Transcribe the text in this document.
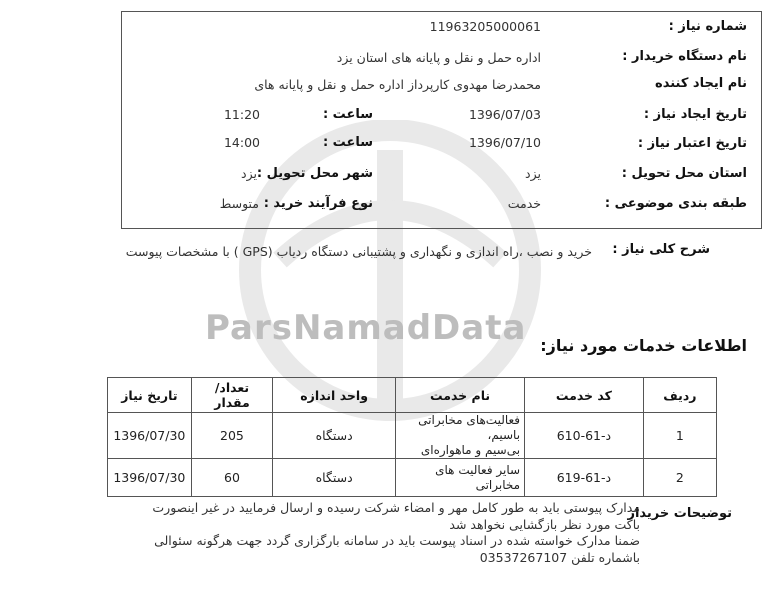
ParsNamadData
شماره نیاز :
11963205000061
نام دستگاه خریدار :
اداره حمل و نقل و پایانه های استان یزد
نام ایجاد کننده
محمدرضا مهدوی کارپرداز اداره حمل و نقل و پایانه های
تاریخ ایجاد نیاز :
1396/07/03
ساعت :
11:20
تاریخ اعتبار نیاز :
1396/07/10
ساعت :
14:00
استان محل تحویل :
یزد
شهر محل تحویل :
یزد
طبقه بندی موضوعی :
خدمت
نوع فرآیند خرید :
متوسط
شرح کلی نیاز :
خرید و نصب ،راه اندازی و نگهداری و پشتیبانی دستگاه ردیاب (GPS ) با مشخصات پیوست
اطلاعات خدمات مورد نیاز:
ردیف	کد خدمت	نام خدمت	واحد اندازه	تعداد/ مقدار	تاریخ نیاز
1	د-61-610	فعالیت‌های مخابراتی باسیم،
بی‌سیم و ماهواره‌ای	دستگاه	205	1396/07/30
2	د-61-619	سایر فعالیت های مخابراتی	دستگاه	60	1396/07/30
توضیحات خریدار
مدارک پیوستی باید به طور کامل مهر و امضاء شرکت رسیده و ارسال فرمایید در غیر اینصورت
باکت مورد نظر بازگشایی نخواهد شد
ضمنا مدارک خواسته شده در اسناد پیوست باید در سامانه بارگزاری گردد جهت هرگونه سئوالی
باشماره تلفن 03537267107
